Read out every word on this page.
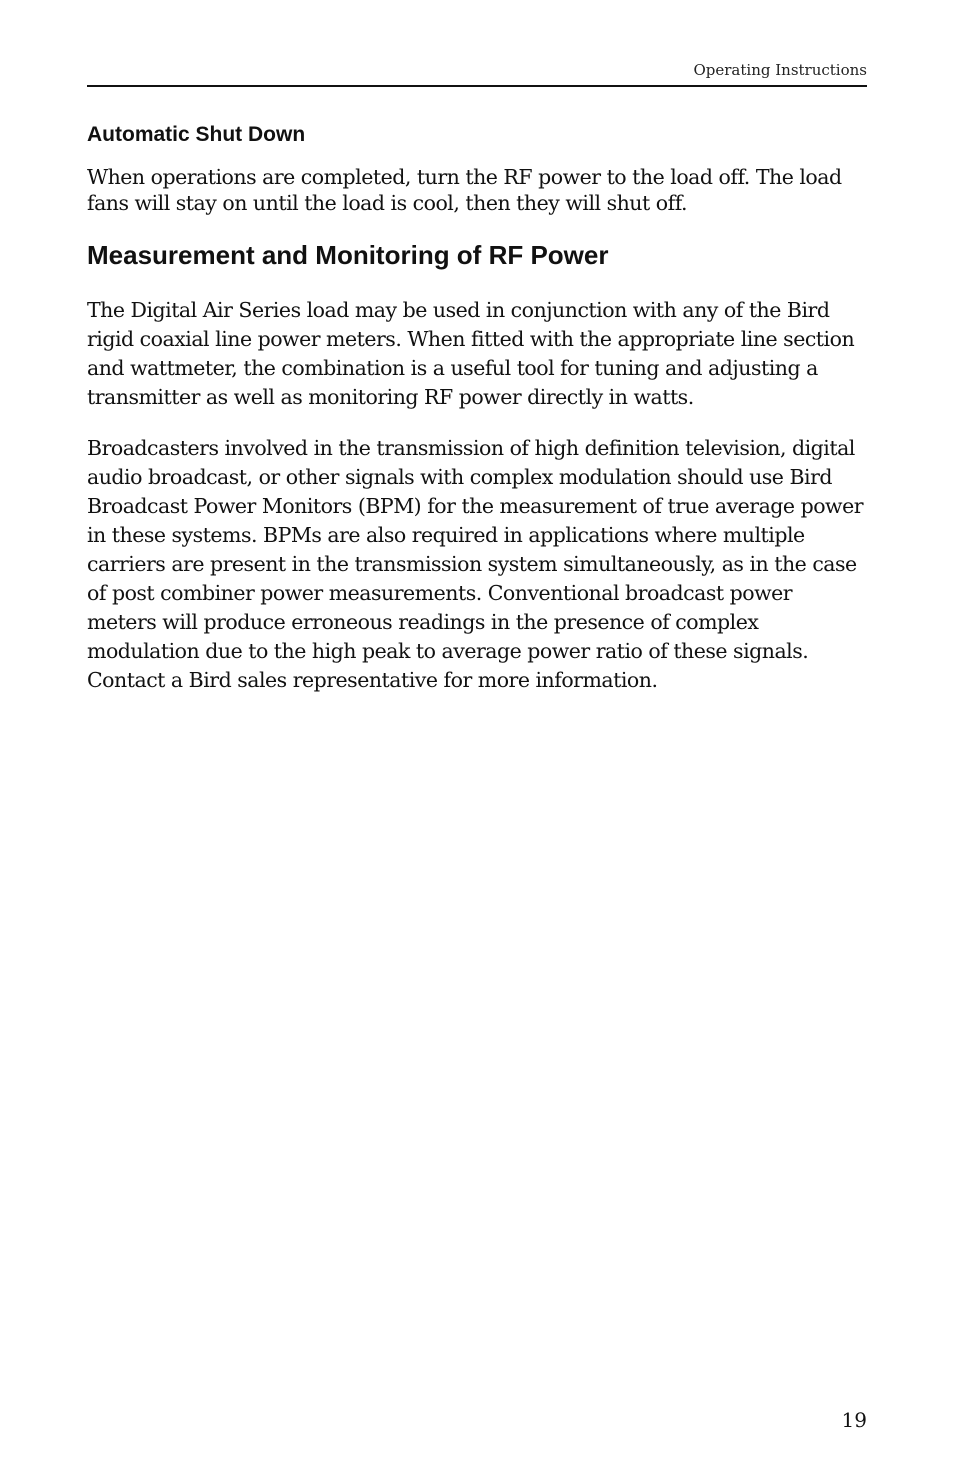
Operating Instructions
Automatic Shut Down

When operations are completed, turn the RF power to the load off. The load fans will stay on until the load is cool, then they will shut off.

Measurement and Monitoring of RF Power

The Digital Air Series load may be used in conjunction with any of the Bird rigid coaxial line power meters. When fitted with the appropriate line section and wattmeter, the combination is a useful tool for tuning and adjusting a transmitter as well as monitoring RF power directly in watts.

Broadcasters involved in the transmission of high definition television, digital audio broadcast, or other signals with complex modulation should use Bird Broadcast Power Monitors (BPM) for the measurement of true average power in these systems. BPMs are also required in applications where multiple carriers are present in the transmission system simultaneously, as in the case of post combiner power measurements. Conventional broadcast power meters will produce erroneous readings in the presence of complex modulation due to the high peak to average power ratio of these signals. Contact a Bird sales representative for more information.

19
